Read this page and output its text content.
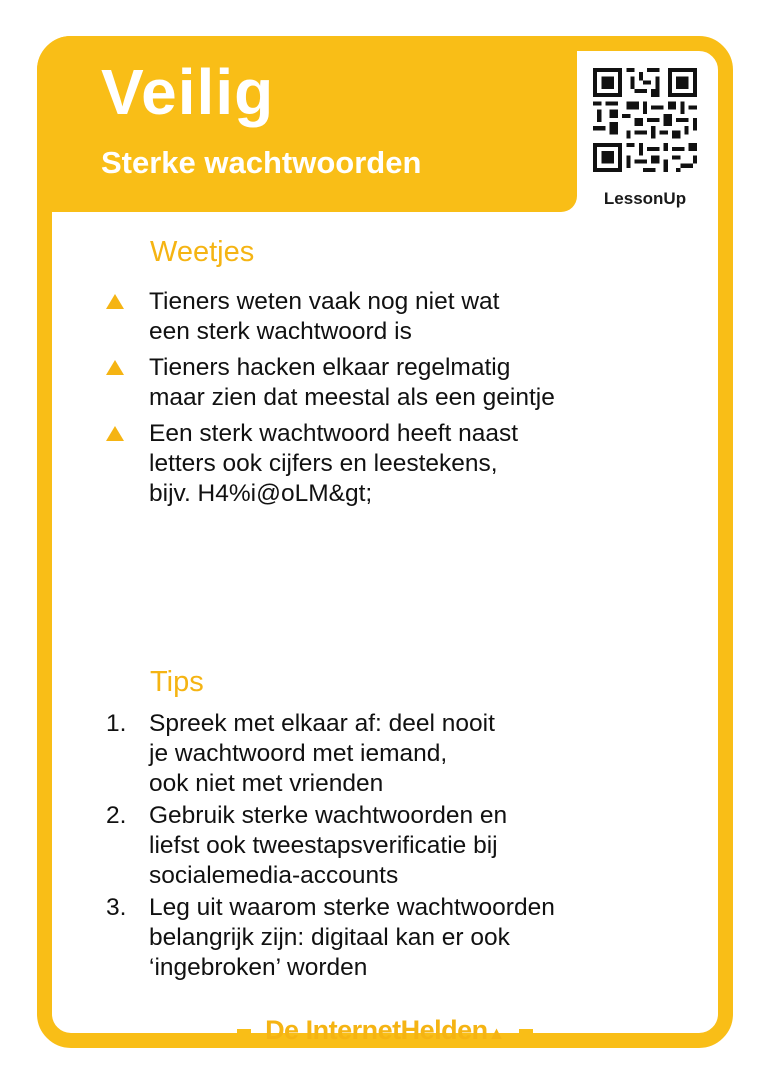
Veilig
Sterke wachtwoorden
LessonUp
Weetjes
Tieners weten vaak nog niet wat
een sterk wachtwoord is
Tieners hacken elkaar regelmatig
maar zien dat meestal als een geintje
Een sterk wachtwoord heeft naast
letters ook cijfers en leestekens,
bijv. H4%i@oLM&gt;
Tips
1. Spreek met elkaar af: deel nooit
je wachtwoord met iemand,
ook niet met vrienden
2. Gebruik sterke wachtwoorden en
liefst ook tweestapsverificatie bij
socialemedia-accounts
3. Leg uit waarom sterke wachtwoorden
belangrijk zijn: digitaal kan er ook
‘ingebroken’ worden
De InternetHelden▲
